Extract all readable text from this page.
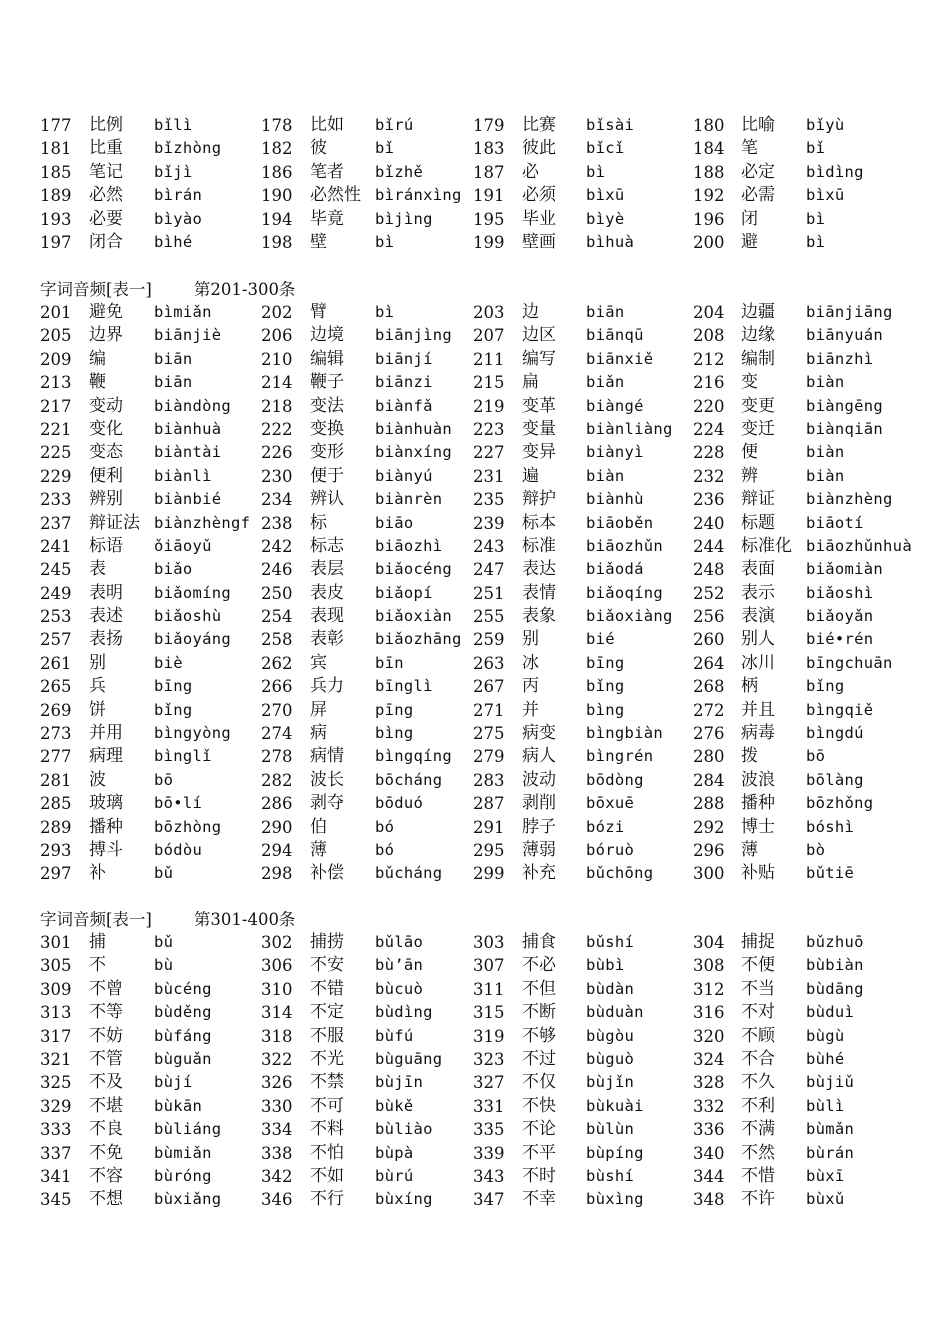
177 比例 bǐlì	178 比如 bǐrú	179 比赛 bǐsài	180 比喻 bǐyù
181 比重 bǐzhòng 182 彼	bǐ	183 彼此 bǐcǐ	184 笔	bǐ
185 笔记 bǐjì	186 笔者 bǐzhě	187 必	bì	188 必定 bìdìng
189 必然 bìrán	190 必然性 bìránxìng 191 必须 bìxū	192 必需 bìxū
193 必要 bìyào	194 毕竟 bìjìng 195 毕业 bìyè	196 闭	bì
197 闭合 bìhé	198 壁	bì	199 壁画 bìhuà	200 避	bì
字词音频[表一]	第201-300条
201 避免 bìmiǎn	202 臂	bì	203 边	biān	204 边疆 biānjiāng
205 边界 biānjiè 206 边境 biānjìng 207 边区 biānqū	208 边缘 biānyuán
209 编	biān	210 编辑 biānjí 211 编写 biānxiě 212 编制 biānzhì
213 鞭	biān	214 鞭子 biānzi 215 扁	biǎn	216 变	biàn
217 变动 biàndòng 218 变法 biànfǎ 219 变革 biàngé	220 变更 biàngēng
221 变化 biànhuà 222 变换 biànhuàn 223 变量 biànliàng 224 变迁 biànqiān
225 变态 biàntài 226 变形 biànxíng 227 变异 biànyì	228 便	biàn
229 便利 biànlì	230 便于 biànyú 231 遍	biàn	232 辨	biàn
233 辨别 biànbié 234 辨认 biànrèn 235 辩护 biànhù	236 辩证 biànzhèng
237 辩证法 biànzhèngf 238 标	biāo	239 标本 biāoběn 240 标题 biāotí
241 标语 ǒiāoyǔ	242 标志 biāozhì 243 标准 biāozhǔn 244 标准化 biāozhǔnhuà
245 表	biǎo	246 表层 biǎocéng 247 表达 biǎodá	248 表面 biǎomiàn
249 表明 biǎomíng 250 表皮 biǎopí 251 表情 biǎoqíng 252 表示 biǎoshì
253 表述 biǎoshù 254 表现 biǎoxiàn 255 表象 biǎoxiàng 256 表演 biǎoyǎn
257 表扬 biǎoyáng 258 表彰 biǎozhāng 259 别	bié	260 别人 bié•rén
261 别	biè	262 宾	bīn	263 冰	bīng	264 冰川 bīngchuān
265 兵	bīng	266 兵力 bīnglì 267 丙	bǐng	268 柄	bǐng
269 饼	bǐng	270 屏	pīng	271 并	bìng	272 并且 bìngqiě
273 并用 bìngyòng 274 病	bìng	275 病变 bìngbiàn 276 病毒 bìngdú
277 病理 bìnglǐ	278 病情 bìngqíng 279 病人 bìngrén 280 拨	bō
281 波	bō	282 波长 bōcháng 283 波动 bōdòng	284 波浪 bōlàng
285 玻璃 bō•lí	286 剥夺 bōduó	287 剥削 bōxuē	288 播种 bōzhǒng
289 播种 bōzhòng 290 伯	bó	291 脖子 bózi	292 博士 bóshì
293 搏斗 bódòu	294 薄	bó	295 薄弱 bóruò	296 薄	bò
297 补	bǔ	298 补偿 bǔcháng 299 补充 bǔchōng 300 补贴 bǔtiē
字词音频[表一]	第301-400条
301 捕	bǔ	302 捕捞 bǔlāo	303 捕食 bǔshí	304 捕捉 bǔzhuō
305 不	bù	306 不安 bù’ān	307 不必 bùbì	308 不便 bùbiàn
309 不曾 bùcéng	310 不错 bùcuò	311 不但 bùdàn	312 不当 bùdāng
313 不等 bùděng	314 不定 bùdìng 315 不断 bùduàn	316 不对 bùduì
317 不妨 bùfáng	318 不服 bùfú	319 不够 bùgòu	320 不顾 bùgù
321 不管 bùguǎn	322 不光 bùguāng 323 不过 bùguò	324 不合 bùhé
325 不及 bùjí	326 不禁 bùjīn	327 不仅 bùjǐn	328 不久 bùjiǔ
329 不堪 bùkān	330 不可 bùkě	331 不快 bùkuài	332 不利 bùlì
333 不良 bùliáng 334 不料 bùliào 335 不论 bùlùn	336 不满 bùmǎn
337 不免 bùmiǎn	338 不怕 bùpà	339 不平 bùpíng	340 不然 bùrán
341 不容 bùróng	342 不如 bùrú	343 不时 bùshí	344 不惜 bùxī
345 不想 bùxiǎng 346 不行 bùxíng 347 不幸 bùxìng	348 不许 bùxǔ
